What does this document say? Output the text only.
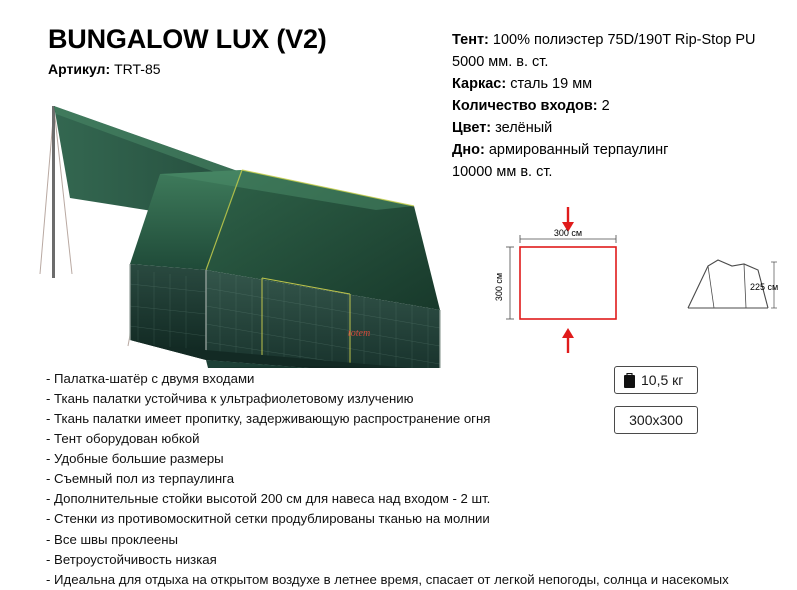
BUNGALOW LUX (V2)
Артикул: TRT-85
Тент: 100% полиэстер 75D/190T Rip-Stop PU
5000 мм. в. ст.
Каркас: сталь 19 мм
Количество входов: 2
Цвет: зелёный
Дно: армированный терпаулинг
10000 мм в. ст.
totem
300 см
300 см	225 см
10,5 кг
300x300
- Палатка-шатёр с двумя входами
- Ткань палатки устойчива к ультрафиолетовому излучению
- Ткань палатки имеет пропитку, задерживающую распространение огня
- Тент оборудован юбкой
- Удобные большие размеры
- Съемный пол из терпаулинга
- Дополнительные стойки высотой 200 см для навеса над входом - 2 шт.
- Стенки из противомоскитной сетки продублированы тканью на молнии
- Все швы проклеены
- Ветроустойчивость низкая
- Идеальна для отдыха на открытом воздухе в летнее время, спасает от легкой непогоды, солнца и насекомых
